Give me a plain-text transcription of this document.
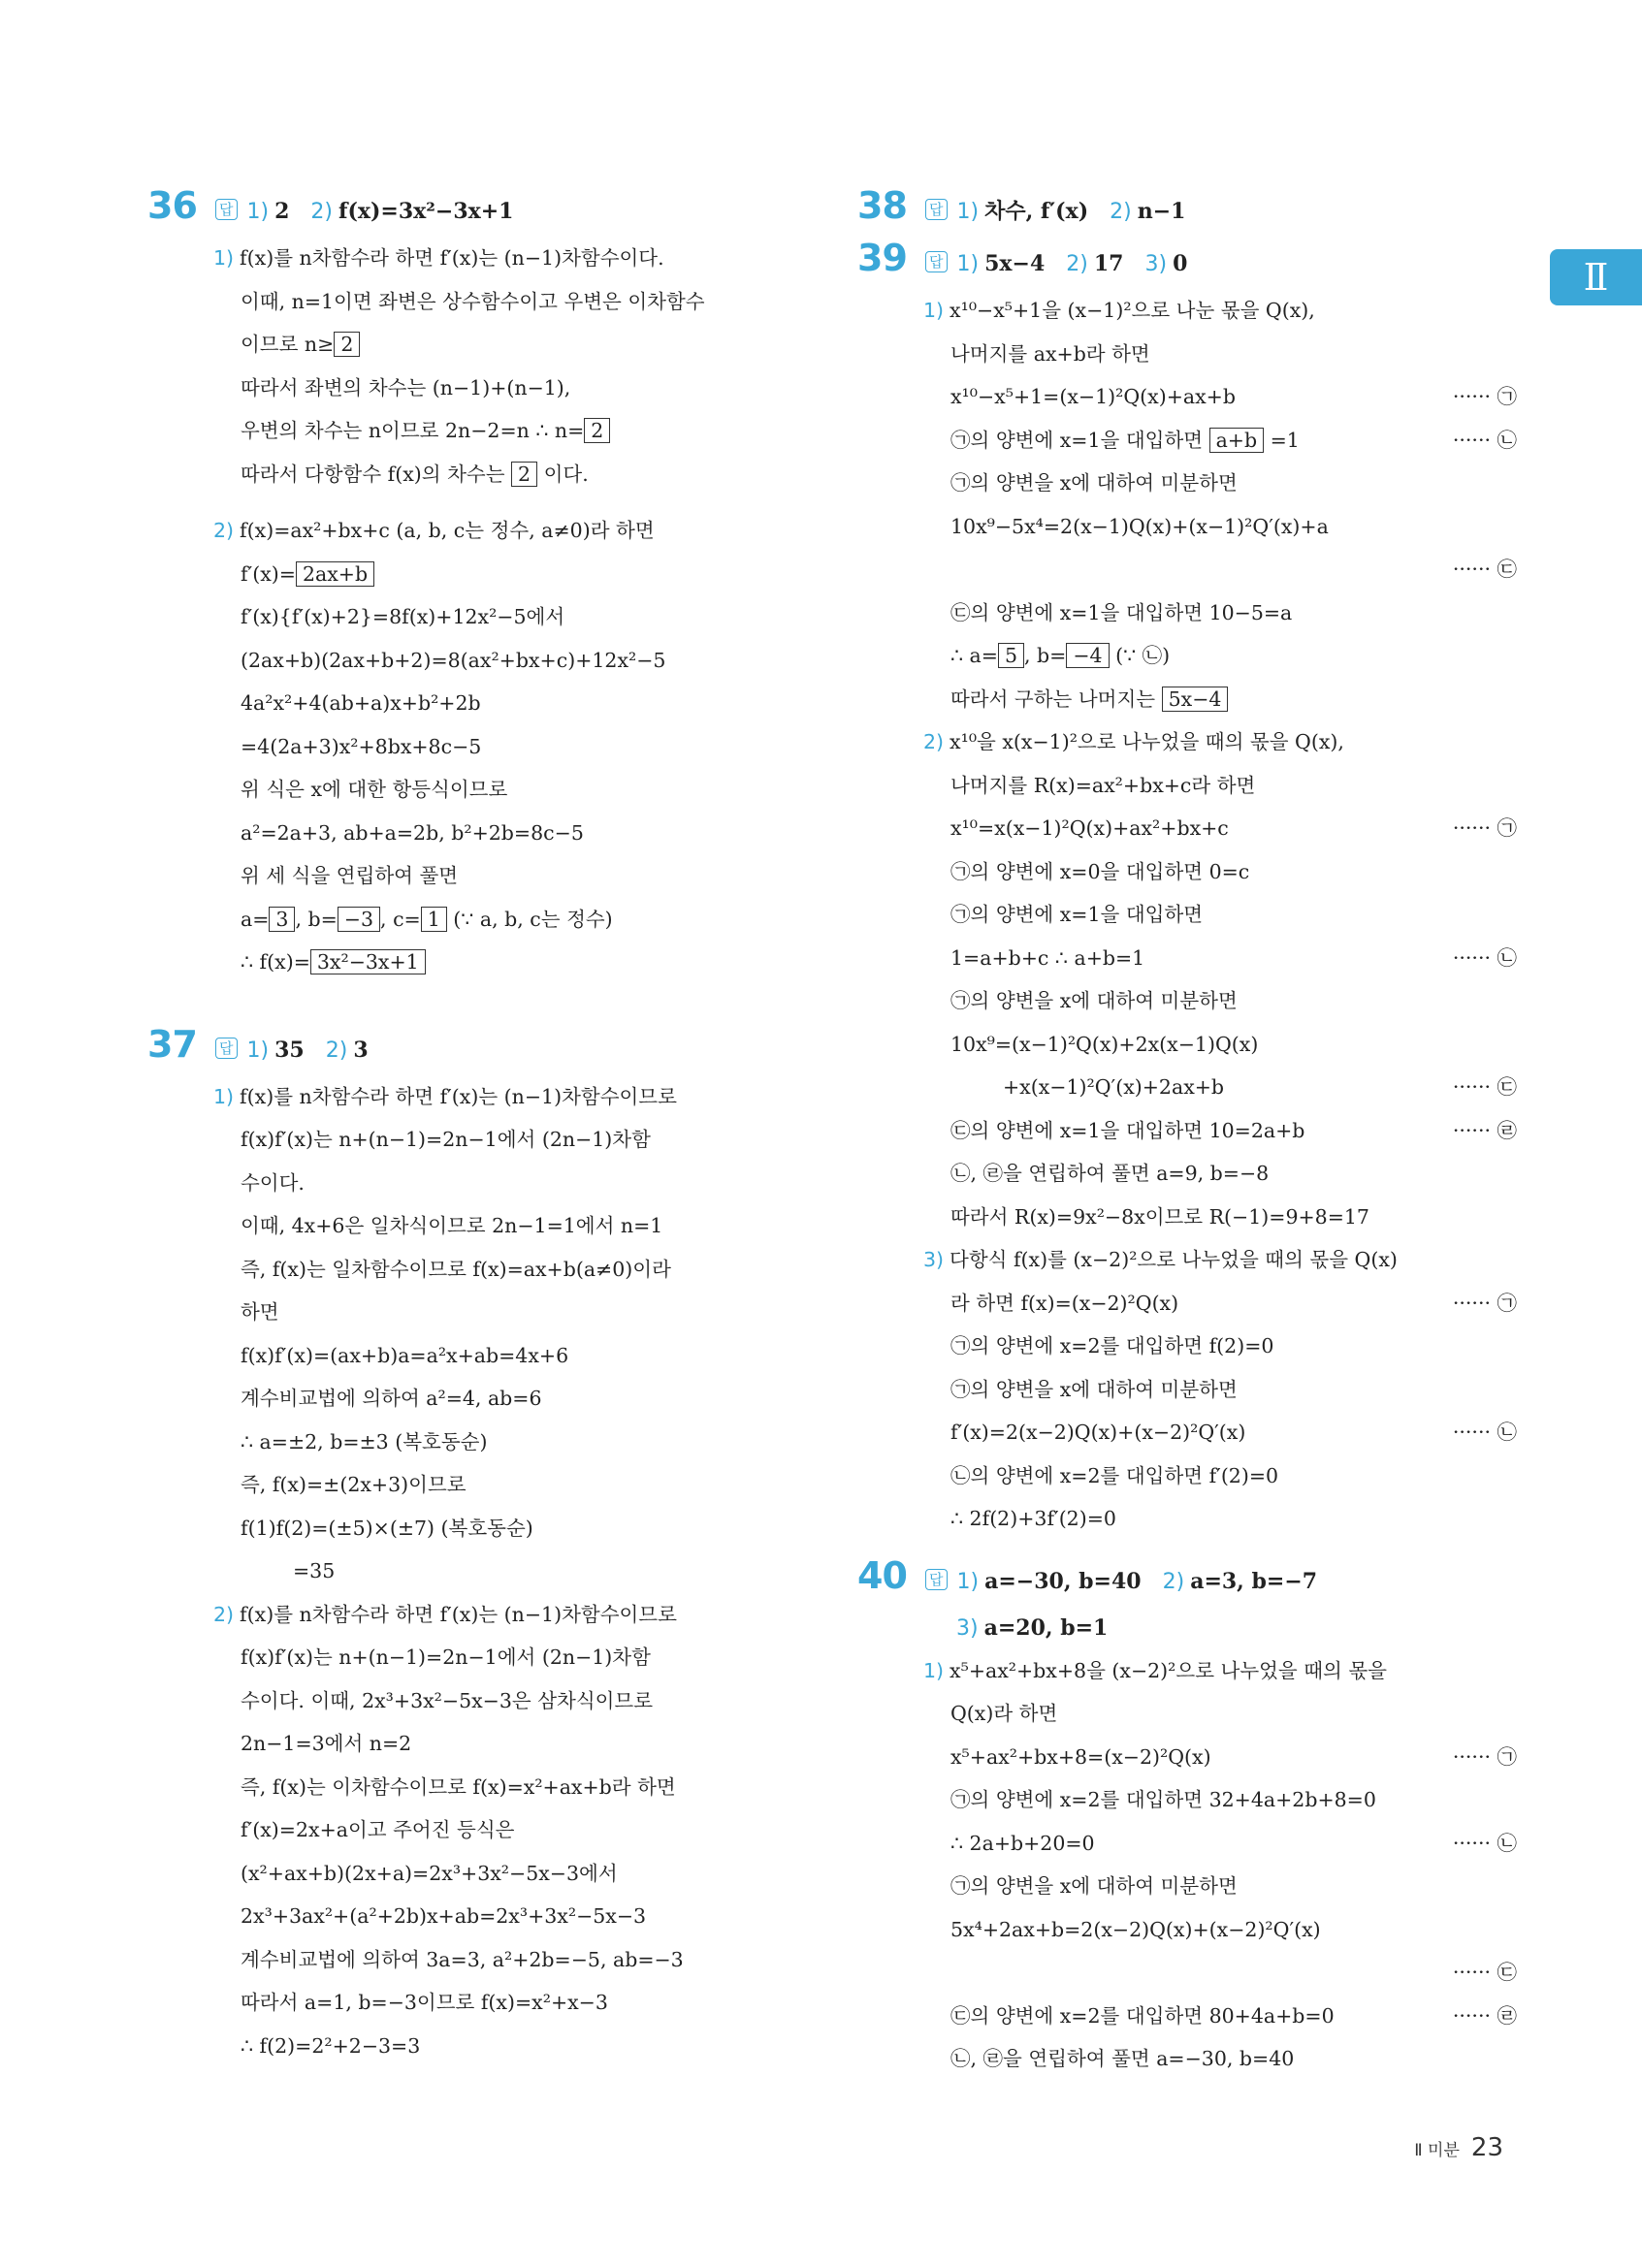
Ⅱ
36	답 1) 2 2) f(x)=3x²−3x+1
1) f(x)를 n차함수라 하면 f′(x)는 (n−1)차함수이다.
이때, n=1이면 좌변은 상수함수이고 우변은 이차함수
이므로 n≥ 2
따라서 좌변의 차수는 (n−1)+(n−1),
우변의 차수는 n이므로 2n−2=n ∴ n= 2
따라서 다항함수 f(x)의 차수는 2 이다.
2) f(x)=ax²+bx+c (a, b, c는 정수, a≠0)라 하면
f′(x)= 2ax+b
f′(x){f′(x)+2}=8f(x)+12x²−5에서
(2ax+b)(2ax+b+2)=8(ax²+bx+c)+12x²−5
4a²x²+4(ab+a)x+b²+2b
=4(2a+3)x²+8bx+8c−5
위 식은 x에 대한 항등식이므로
a²=2a+3, ab+a=2b, b²+2b=8c−5
위 세 식을 연립하여 풀면
a= 3 , b= −3 , c= 1 (∵ a, b, c는 정수)
∴ f(x)= 3x²−3x+1
37	답 1) 35 2) 3
1) f(x)를 n차함수라 하면 f′(x)는 (n−1)차함수이므로
f(x)f′(x)는 n+(n−1)=2n−1에서 (2n−1)차함
수이다.
이때, 4x+6은 일차식이므로 2n−1=1에서 n=1
즉, f(x)는 일차함수이므로 f(x)=ax+b(a≠0)이라
하면
f(x)f′(x)=(ax+b)a=a²x+ab=4x+6
계수비교법에 의하여 a²=4, ab=6
∴ a=±2, b=±3 (복호동순)
즉, f(x)=±(2x+3)이므로
f(1)f(2)=(±5)×(±7) (복호동순)
=35
2) f(x)를 n차함수라 하면 f′(x)는 (n−1)차함수이므로
f(x)f′(x)는 n+(n−1)=2n−1에서 (2n−1)차함
수이다. 이때, 2x³+3x²−5x−3은 삼차식이므로
2n−1=3에서 n=2
즉, f(x)는 이차함수이므로 f(x)=x²+ax+b라 하면
f′(x)=2x+a이고 주어진 등식은
(x²+ax+b)(2x+a)=2x³+3x²−5x−3에서
2x³+3ax²+(a²+2b)x+ab=2x³+3x²−5x−3
계수비교법에 의하여 3a=3, a²+2b=−5, ab=−3
따라서 a=1, b=−3이므로 f(x)=x²+x−3
∴ f(2)=2²+2−3=3
38	답 1) 차수, f′(x) 2) n−1
39	답 1) 5x−4 2) 17 3) 0
1) x¹⁰−x⁵+1을 (x−1)²으로 나눈 몫을 Q(x),
나머지를 ax+b라 하면
x¹⁰−x⁵+1=(x−1)²Q(x)+ax+b	······ ㉠
㉠의 양변에 x=1을 대입하면 a+b =1	······ ㉡
㉠의 양변을 x에 대하여 미분하면
10x⁹−5x⁴=2(x−1)Q(x)+(x−1)²Q′(x)+a
······ ㉢
㉢의 양변에 x=1을 대입하면 10−5=a
∴ a= 5 , b= −4 (∵ ㉡)
따라서 구하는 나머지는 5x−4
2) x¹⁰을 x(x−1)²으로 나누었을 때의 몫을 Q(x),
나머지를 R(x)=ax²+bx+c라 하면
x¹⁰=x(x−1)²Q(x)+ax²+bx+c	······ ㉠
㉠의 양변에 x=0을 대입하면 0=c
㉠의 양변에 x=1을 대입하면
1=a+b+c ∴ a+b=1	······ ㉡
㉠의 양변을 x에 대하여 미분하면
10x⁹=(x−1)²Q(x)+2x(x−1)Q(x)
+x(x−1)²Q′(x)+2ax+b	······ ㉢
㉢의 양변에 x=1을 대입하면 10=2a+b	······ ㉣
㉡, ㉣을 연립하여 풀면 a=9, b=−8
따라서 R(x)=9x²−8x이므로 R(−1)=9+8=17
3) 다항식 f(x)를 (x−2)²으로 나누었을 때의 몫을 Q(x)
라 하면 f(x)=(x−2)²Q(x)	······ ㉠
㉠의 양변에 x=2를 대입하면 f(2)=0
㉠의 양변을 x에 대하여 미분하면
f′(x)=2(x−2)Q(x)+(x−2)²Q′(x)	······ ㉡
㉡의 양변에 x=2를 대입하면 f′(2)=0
∴ 2f(2)+3f′(2)=0
40	답 1) a=−30, b=40 2) a=3, b=−7
3) a=20, b=1
1) x⁵+ax²+bx+8을 (x−2)²으로 나누었을 때의 몫을
Q(x)라 하면
x⁵+ax²+bx+8=(x−2)²Q(x)	······ ㉠
㉠의 양변에 x=2를 대입하면 32+4a+2b+8=0
∴ 2a+b+20=0	······ ㉡
㉠의 양변을 x에 대하여 미분하면
5x⁴+2ax+b=2(x−2)Q(x)+(x−2)²Q′(x)
······ ㉢
㉢의 양변에 x=2를 대입하면 80+4a+b=0	······ ㉣
㉡, ㉣을 연립하여 풀면 a=−30, b=40
Ⅱ 미분 23
